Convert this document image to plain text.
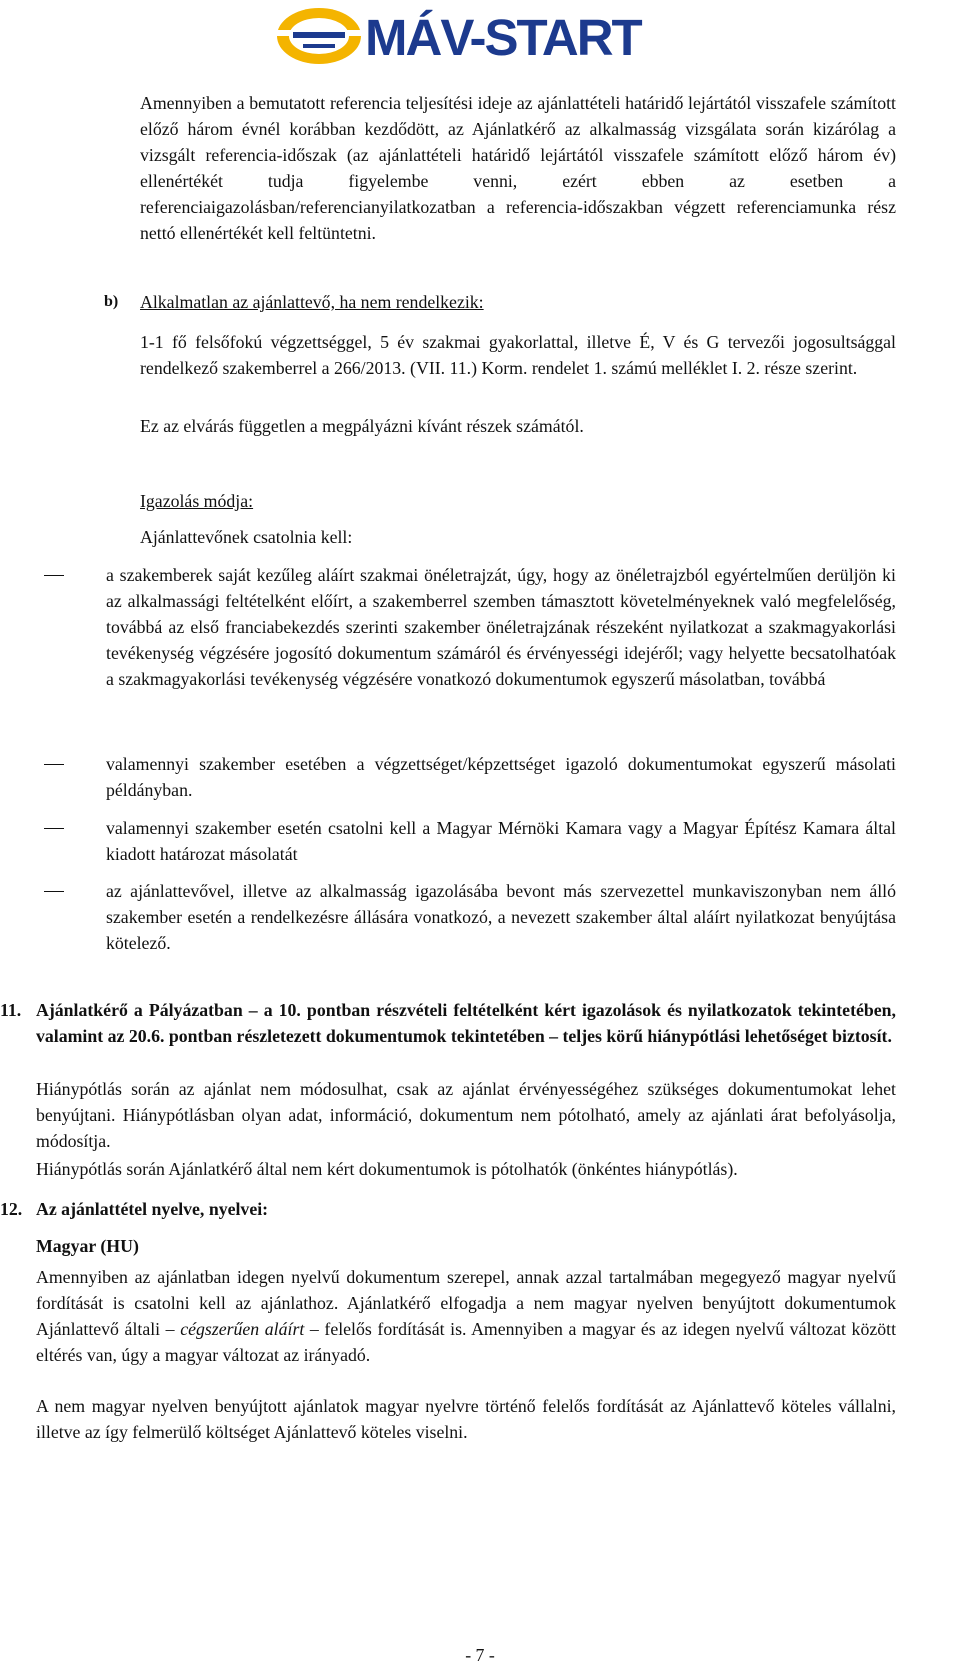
MÁV-START

Amennyiben a bemutatott referencia teljesítési ideje az ajánlattételi határidő lejártától visszafele számított előző három évnél korábban kezdődött, az Ajánlatkérő az alkalmasság vizsgálata során kizárólag a vizsgált referencia-időszak (az ajánlattételi határidő lejártától visszafele számított előző három év) ellenértékét tudja figyelembe venni, ezért ebben az esetben a referenciaigazolásban/referencianyilatkozatban a referencia-időszakban végzett referenciamunka rész nettó ellenértékét kell feltüntetni.

b) Alkalmatlan az ajánlattevő, ha nem rendelkezik:

1-1 fő felsőfokú végzettséggel, 5 év szakmai gyakorlattal, illetve É, V és G tervezői jogosultsággal rendelkező szakemberrel a 266/2013. (VII. 11.) Korm. rendelet 1. számú melléklet I. 2. része szerint.

Ez az elvárás független a megpályázni kívánt részek számától.

Igazolás módja:

Ajánlattevőnek csatolnia kell:

a szakemberek saját kezűleg aláírt szakmai önéletrajzát, úgy, hogy az önéletrajzból egyértelműen derüljön ki az alkalmassági feltételként előírt, a szakemberrel szemben támasztott követelményeknek való megfelelőség, továbbá az első franciabekezdés szerinti szakember önéletrajzának részeként nyilatkozat a szakmagyakorlási tevékenység végzésére jogosító dokumentum számáról és érvényességi idejéről; vagy helyette becsatolhatóak a szakmagyakorlási tevékenység végzésére vonatkozó dokumentumok egyszerű másolatban, továbbá

valamennyi szakember esetében a végzettséget/képzettséget igazoló dokumentumokat egyszerű másolati példányban.

valamennyi szakember esetén csatolni kell a Magyar Mérnöki Kamara vagy a Magyar Építész Kamara által kiadott határozat másolatát

az ajánlattevővel, illetve az alkalmasság igazolásába bevont más szervezettel munkaviszonyban nem álló szakember esetén a rendelkezésre állására vonatkozó, a nevezett szakember által aláírt nyilatkozat benyújtása kötelező.

11. Ajánlatkérő a Pályázatban – a 10. pontban részvételi feltételként kért igazolások és nyilatkozatok tekintetében, valamint az 20.6. pontban részletezett dokumentumok tekintetében – teljes körű hiánypótlási lehetőséget biztosít.

Hiánypótlás során az ajánlat nem módosulhat, csak az ajánlat érvényességéhez szükséges dokumentumokat lehet benyújtani. Hiánypótlásban olyan adat, információ, dokumentum nem pótolható, amely az ajánlati árat befolyásolja, módosítja.

Hiánypótlás során Ajánlatkérő által nem kért dokumentumok is pótolhatók (önkéntes hiánypótlás).

12. Az ajánlattétel nyelve, nyelvei:

Magyar (HU)

Amennyiben az ajánlatban idegen nyelvű dokumentum szerepel, annak azzal tartalmában megegyező magyar nyelvű fordítását is csatolni kell az ajánlathoz. Ajánlatkérő elfogadja a nem magyar nyelven benyújtott dokumentumok Ajánlattevő általi – cégszerűen aláírt – felelős fordítását is. Amennyiben a magyar és az idegen nyelvű változat között eltérés van, úgy a magyar változat az irányadó.

A nem magyar nyelven benyújtott ajánlatok magyar nyelvre történő felelős fordítását az Ajánlattevő köteles vállalni, illetve az így felmerülő költséget Ajánlattevő köteles viselni.

- 7 -
